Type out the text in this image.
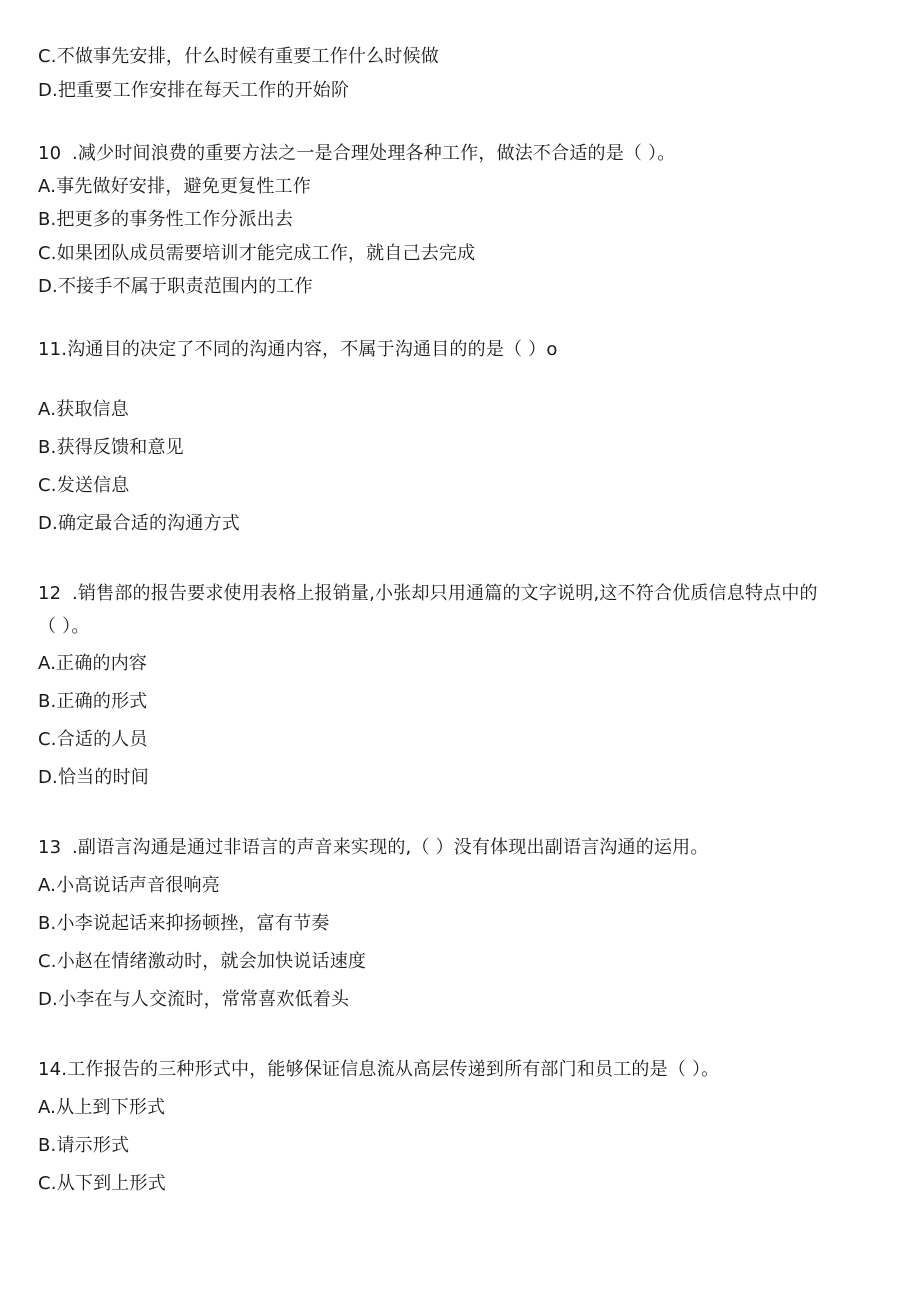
C.不做事先安排，什么时候有重要工作什么时候做
D.把重要工作安排在每天工作的开始阶
10 .减少时间浪费的重要方法之一是合理处理各种工作，做法不合适的是（ ）。
A.事先做好安排，避免更复性工作
B.把更多的事务性工作分派出去
C.如果团队成员需要培训才能完成工作，就自己去完成
D.不接手不属于职责范围内的工作
11.沟通目的决定了不同的沟通内容，不属于沟通目的的是（ ）o
A.获取信息
B.获得反馈和意见
C.发送信息
D.确定最合适的沟通方式
12 .销售部的报告要求使用表格上报销量,小张却只用通篇的文字说明,这不符合优质信息特点中的
（ ）。
A.正确的内容
B.正确的形式
C.合适的人员
D.恰当的时间
13 .副语言沟通是通过非语言的声音来实现的,（ ）没有体现出副语言沟通的运用。
A.小高说话声音很响亮
B.小李说起话来抑扬顿挫，富有节奏
C.小赵在情绪激动时，就会加快说话速度
D.小李在与人交流时，常常喜欢低着头
14.工作报告的三种形式中，能够保证信息流从高层传递到所有部门和员工的是（ ）。
A.从上到下形式
B.请示形式
C.从下到上形式
